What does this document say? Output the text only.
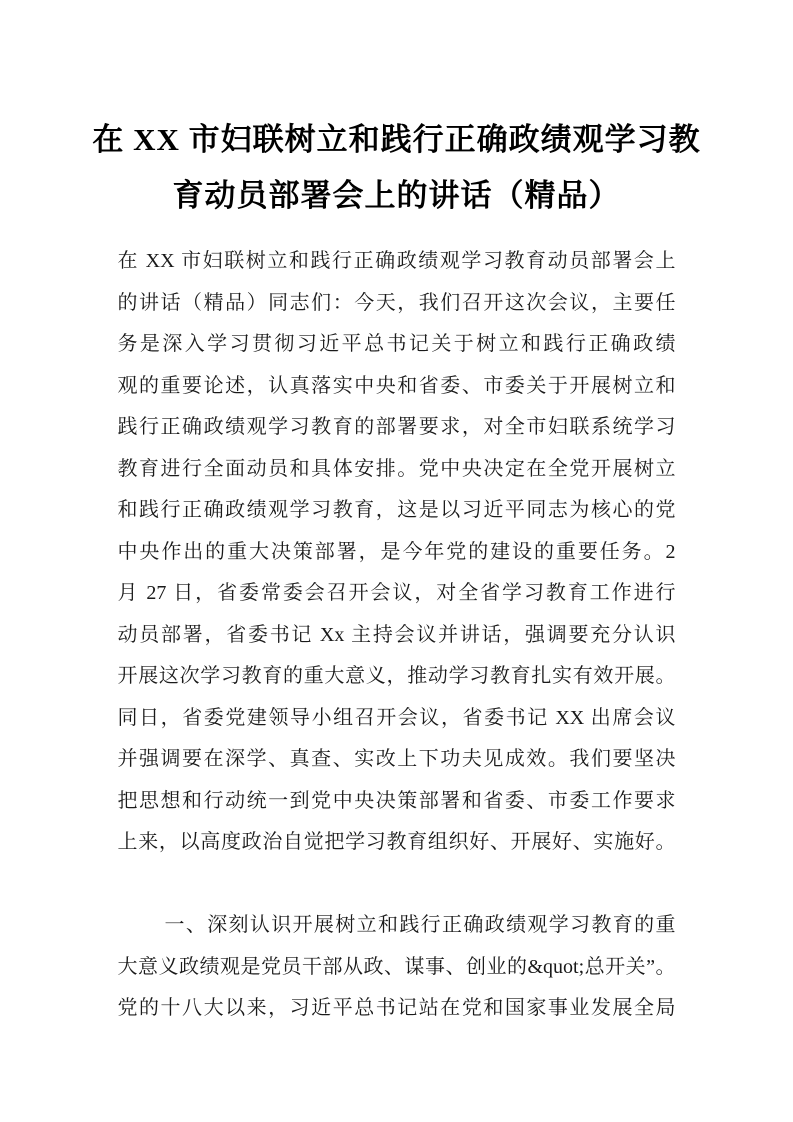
在 XX 市妇联树立和践行正确政绩观学习教
育动员部署会上的讲话（精品）
在 XX 市妇联树立和践行正确政绩观学习教育动员部署会上
的讲话（精品）同志们：今天，我们召开这次会议，主要任
务是深入学习贯彻习近平总书记关于树立和践行正确政绩
观的重要论述，认真落实中央和省委、市委关于开展树立和
践行正确政绩观学习教育的部署要求，对全市妇联系统学习
教育进行全面动员和具体安排。党中央决定在全党开展树立
和践行正确政绩观学习教育，这是以习近平同志为核心的党
中央作出的重大决策部署，是今年党的建设的重要任务。2
月 27 日，省委常委会召开会议，对全省学习教育工作进行
动员部署，省委书记 Xx 主持会议并讲话，强调要充分认识
开展这次学习教育的重大意义，推动学习教育扎实有效开展。
同日，省委党建领导小组召开会议，省委书记 XX 出席会议
并强调要在深学、真查、实改上下功夫见成效。我们要坚决
把思想和行动统一到党中央决策部署和省委、市委工作要求
上来，以高度政治自觉把学习教育组织好、开展好、实施好。
一、深刻认识开展树立和践行正确政绩观学习教育的重
大意义政绩观是党员干部从政、谋事、创业的&quot;总开关”。
党的十八大以来，习近平总书记站在党和国家事业发展全局
